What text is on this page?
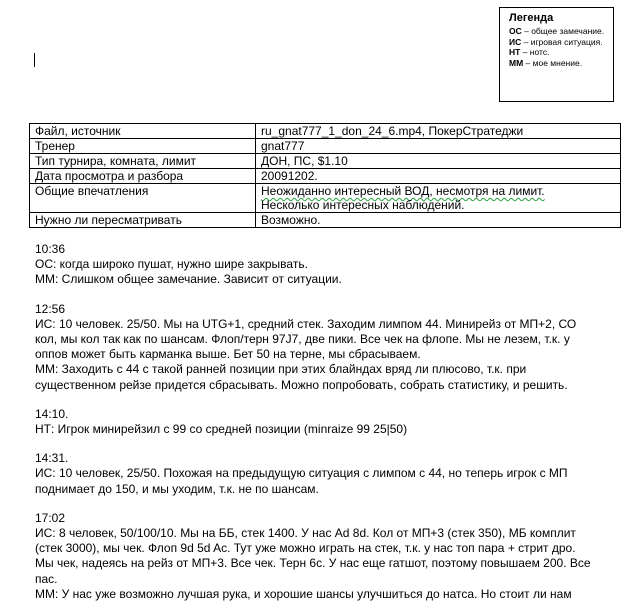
Легенда
ОС – общее замечание.
ИС – игровая ситуация.
НТ – нотс.
ММ – мое мнение.
Файл, источник	ru_gnat777_1_don_24_6.mp4, ПокерСтратеджи
Тренер	gnat777
Тип турнира, комната, лимит	ДОН, ПС, $1.10
Дата просмотра и разбора	20091202.
Общие впечатления	Неожиданно интересный ВОД, несмотря на лимит.
Несколько интересных наблюдений.

Нужно ли пересматривать	Возможно.
10:36
ОС: когда широко пушат, нужно шире закрывать.
ММ: Слишком общее замечание. Зависит от ситуации.
12:56
ИС: 10 человек. 25/50. Мы на UTG+1, средний стек. Заходим лимпом 44. Минирейз от МП+2, СО
кол, мы кол так как по шансам. Флоп/терн 97J7, две пики. Все чек на флопе. Мы не лезем, т.к. у
оппов может быть карманка выше. Бет 50 на терне, мы сбрасываем.
ММ: Заходить с 44 с такой ранней позиции при этих блайндах вряд ли плюсово, т.к. при
существенном рейзе придется сбрасывать. Можно попробовать, собрать статистику, и решить.
14:10.
НТ: Игрок минирейзил с 99 со средней позиции (minraize 99 25|50)
14:31.
ИС: 10 человек, 25/50. Похожая на предыдущую ситуация с лимпом с 44, но теперь игрок с МП
поднимает до 150, и мы уходим, т.к. не по шансам.
17:02
ИС: 8 человек, 50/100/10. Мы на ББ, стек 1400. У нас Ad 8d. Кол от МП+3 (стек 350), МБ комплит
(стек 3000), мы чек. Флоп 9d 5d Ac. Тут уже можно играть на стек, т.к. у нас топ пара + стрит дро.
Мы чек, надеясь на рейз от МП+3. Все чек. Терн 6c. У нас еще гатшот, поэтому повышаем 200. Все
пас.
ММ: У нас уже возможно лучшая рука, и хорошие шансы улучшиться до натса. Но стоит ли нам
